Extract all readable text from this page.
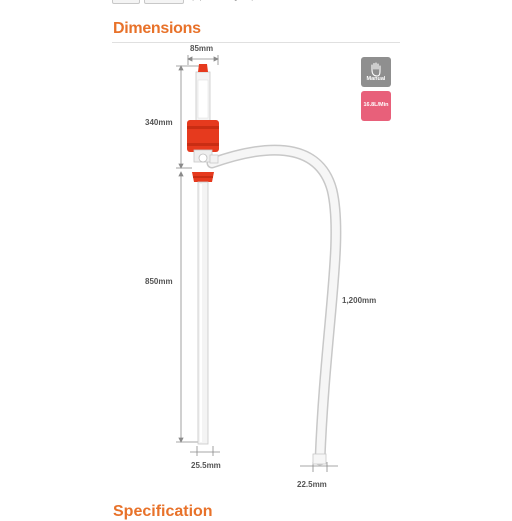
Dimensions
85mm
340mm
850mm
1,200mm
25.5mm
22.5mm
Manual
16.8L/Min
Specification
